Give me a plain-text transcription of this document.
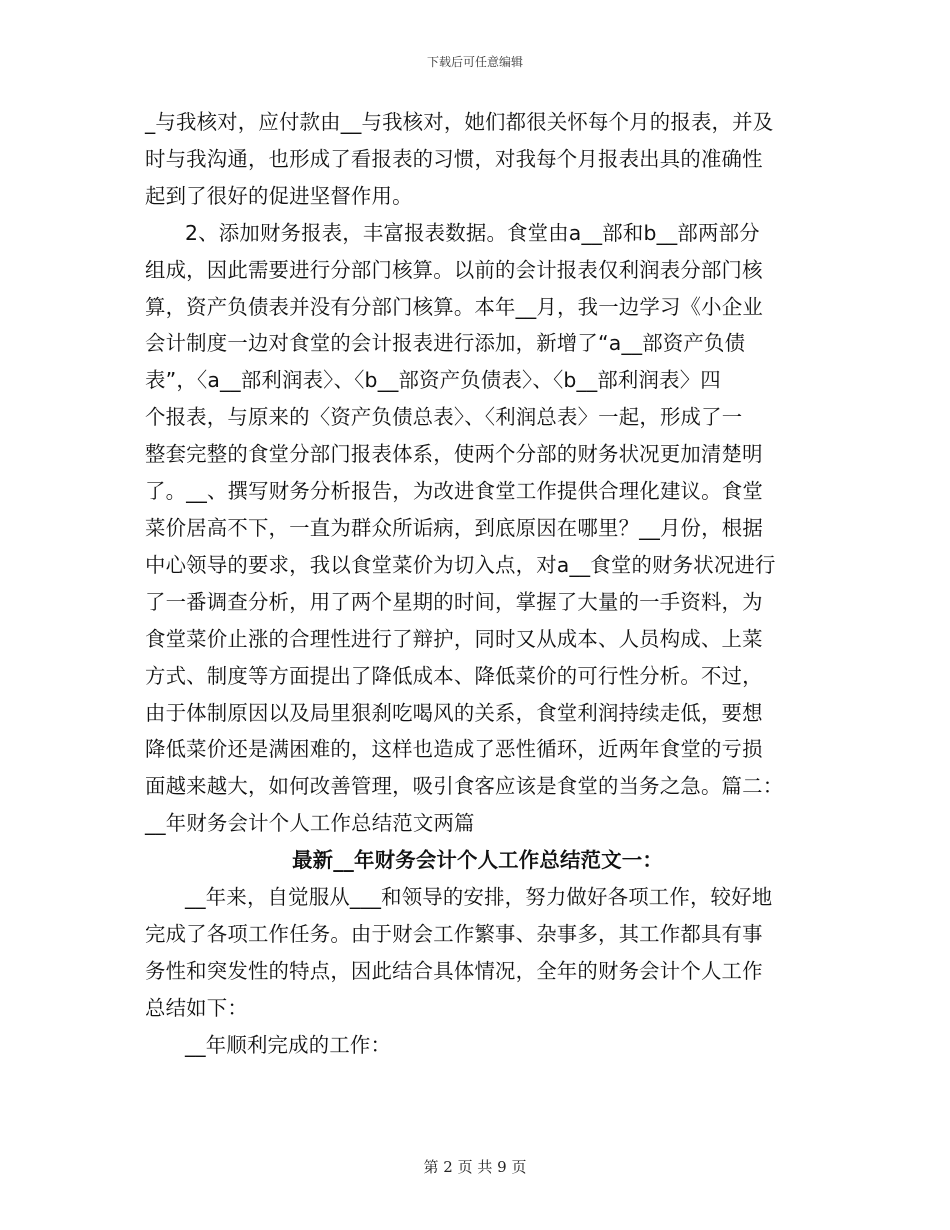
下载后可任意编辑

_与我核对，应付款由__与我核对，她们都很关怀每个月的报表，并及

时与我沟通，也形成了看报表的习惯，对我每个月报表出具的准确性

起到了很好的促进坚督作用。

2、添加财务报表，丰富报表数据。食堂由a__部和b__部两部分

组成，因此需要进行分部门核算。以前的会计报表仅利润表分部门核

算，资产负债表并没有分部门核算。本年__月，我一边学习《小企业

会计制度一边对食堂的会计报表进行添加，新增了“a__部资产负债

表”，〈a__部利润表〉、〈b__部资产负债表〉、〈b__部利润表〉四

个报表，与原来的〈资产负债总表〉、〈利润总表〉一起，形成了一

整套完整的食堂分部门报表体系，使两个分部的财务状况更加清楚明

了。__、撰写财务分析报告，为改进食堂工作提供合理化建议。食堂

菜价居高不下，一直为群众所诟病，到底原因在哪里？__月份，根据

中心领导的要求，我以食堂菜价为切入点，对a__食堂的财务状况进行

了一番调查分析，用了两个星期的时间，掌握了大量的一手资料，为

食堂菜价止涨的合理性进行了辩护，同时又从成本、人员构成、上菜

方式、制度等方面提出了降低成本、降低菜价的可行性分析。不过，

由于体制原因以及局里狠刹吃喝风的关系，食堂利润持续走低，要想

降低菜价还是满困难的，这样也造成了恶性循环，近两年食堂的亏损

面越来越大，如何改善管理，吸引食客应该是食堂的当务之急。篇二：

__年财务会计个人工作总结范文两篇

最新__年财务会计个人工作总结范文一：

__年来，自觉服从___和领导的安排，努力做好各项工作，较好地

完成了各项工作任务。由于财会工作繁事、杂事多，其工作都具有事

务性和突发性的特点，因此结合具体情况，全年的财务会计个人工作

总结如下：

__年顺利完成的工作：

第 2 页 共 9 页
